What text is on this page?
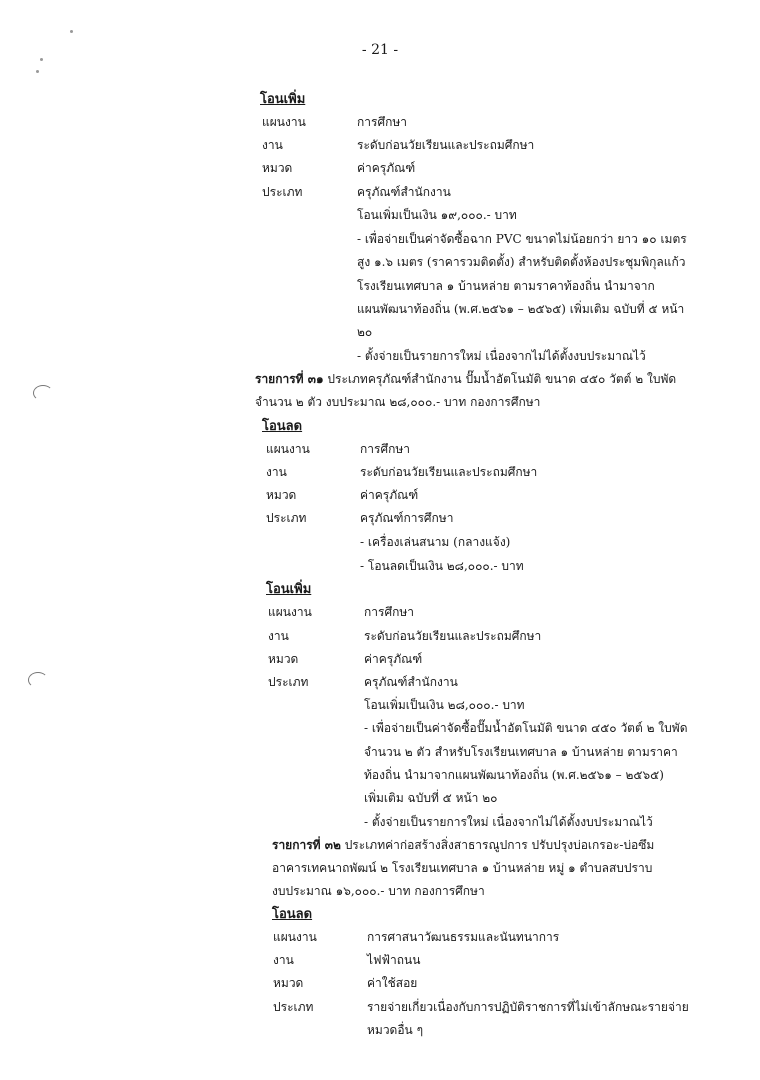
- 21 -
โอนเพิ่ม
แผนงาน	การศึกษา
งาน	ระดับก่อนวัยเรียนและประถมศึกษา
หมวด	ค่าครุภัณฑ์
ประเภท	ครุภัณฑ์สำนักงาน
โอนเพิ่มเป็นเงิน ๑๙,๐๐๐.- บาท
- เพื่อจ่ายเป็นค่าจัดซื้อฉาก PVC ขนาดไม่น้อยกว่า ยาว ๑๐ เมตร
สูง ๑.๖ เมตร (ราคารวมติดตั้ง) สำหรับติดตั้งห้องประชุมพิกุลแก้ว
โรงเรียนเทศบาล ๑ บ้านหล่าย ตามราคาท้องถิ่น นำมาจาก
แผนพัฒนาท้องถิ่น (พ.ศ.๒๕๖๑ – ๒๕๖๕) เพิ่มเติม ฉบับที่ ๕ หน้า
๒๐
- ตั้งจ่ายเป็นรายการใหม่ เนื่องจากไม่ได้ตั้งงบประมาณไว้
รายการที่ ๓๑ ประเภทครุภัณฑ์สำนักงาน ปั๊มน้ำอัตโนมัติ ขนาด ๔๕๐ วัตต์ ๒ ใบพัด
จำนวน ๒ ตัว งบประมาณ ๒๘,๐๐๐.- บาท กองการศึกษา
โอนลด
แผนงาน	การศึกษา
งาน	ระดับก่อนวัยเรียนและประถมศึกษา
หมวด	ค่าครุภัณฑ์
ประเภท	ครุภัณฑ์การศึกษา
- เครื่องเล่นสนาม (กลางแจ้ง)
- โอนลดเป็นเงิน ๒๘,๐๐๐.- บาท
โอนเพิ่ม
แผนงาน	การศึกษา
งาน	ระดับก่อนวัยเรียนและประถมศึกษา
หมวด	ค่าครุภัณฑ์
ประเภท	ครุภัณฑ์สำนักงาน
โอนเพิ่มเป็นเงิน ๒๘,๐๐๐.- บาท
- เพื่อจ่ายเป็นค่าจัดซื้อปั๊มน้ำอัตโนมัติ ขนาด ๔๕๐ วัตต์ ๒ ใบพัด
จำนวน ๒ ตัว สำหรับโรงเรียนเทศบาล ๑ บ้านหล่าย ตามราคา
ท้องถิ่น นำมาจากแผนพัฒนาท้องถิ่น (พ.ศ.๒๕๖๑ – ๒๕๖๕)
เพิ่มเติม ฉบับที่ ๕ หน้า ๒๐
- ตั้งจ่ายเป็นรายการใหม่ เนื่องจากไม่ได้ตั้งงบประมาณไว้
รายการที่ ๓๒ ประเภทค่าก่อสร้างสิ่งสาธารณูปการ ปรับปรุงบ่อเกรอะ-บ่อซึม
อาคารเทคนาถพัฒน์ ๒ โรงเรียนเทศบาล ๑ บ้านหล่าย หมู่ ๑ ตำบลสบปราบ
งบประมาณ ๑๖,๐๐๐.- บาท กองการศึกษา
โอนลด
แผนงาน	การศาสนาวัฒนธรรมและนันทนาการ
งาน	ไฟฟ้าถนน
หมวด	ค่าใช้สอย
ประเภท	รายจ่ายเกี่ยวเนื่องกับการปฏิบัติราชการที่ไม่เข้าลักษณะรายจ่าย
หมวดอื่น ๆ
